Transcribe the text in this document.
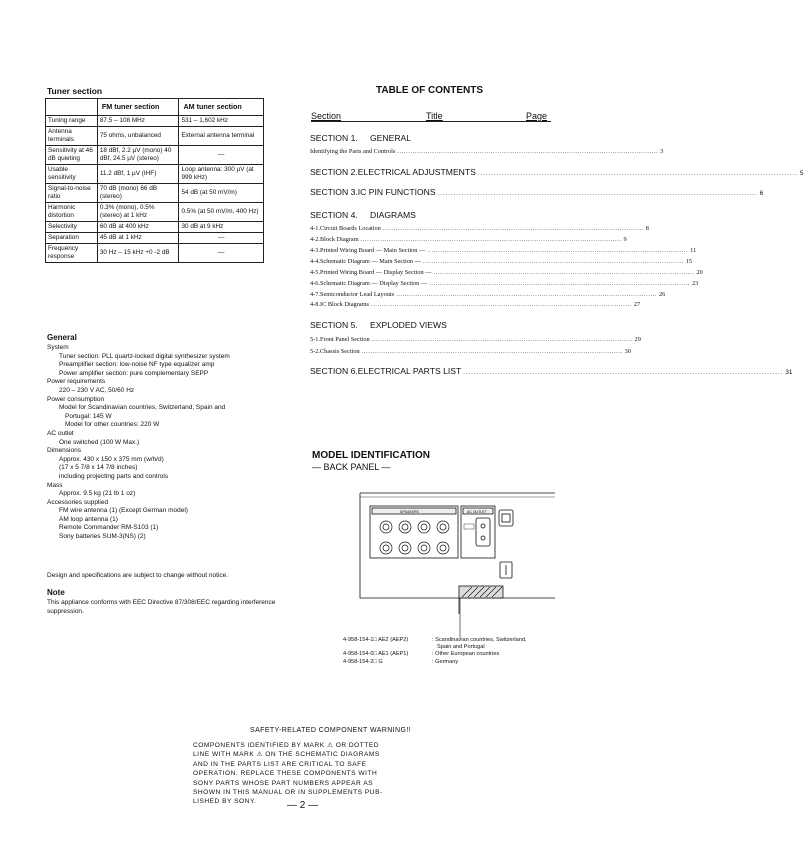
Tuner section
	FM tuner section	AM tuner section
Tuning range	87.5 – 108 MHz	531 – 1,602 kHz
Antenna terminals	75 ohms, unbalanced	External antenna terminal
Sensitivity at 46 dB quieting	18 dBf, 2.2 µV (mono) 40 dBf, 24.5 µV (stereo)	—
Usable sensitivity	11.2 dBf, 1 µV (IHF)	Loop antenna: 300 µV (at 999 kHz)
Signal-to-noise ratio	70 dB (mono) 66 dB (stereo)	54 dB (at 50 mV/m)
Harmonic distortion	0.3% (mono), 0.5% (stereo) at 1 kHz	0.5% (at 50 mV/m, 400 Hz)
Selectivity	60 dB at 400 kHz	30 dB at 9 kHz
Separation	45 dB at 1 kHz	—
Frequency response	30 Hz – 15 kHz +0 -2 dB	—
General
System
Tuner section: PLL quartz-locked digital synthesizer system
Preamplifier section: low-noise NF type equalizer amp
Power amplifier section: pure complementary SEPP
Power requirements
220 – 230 V AC, 50/60 Hz
Power consumption
Model for Scandinavian countries, Switzerland, Spain and
Portugal: 145 W
Model for other countries: 220 W
AC outlet
One switched (100 W Max.)
Dimensions
Approx. 430 x 150 x 375 mm (w/h/d)
(17 x 5 7/8 x 14 7/8 inches)
including projecting parts and controls
Mass
Approx. 9.5 kg (21 lb 1 oz)
Accessories supplied
FM wire antenna (1) (Except German model)
AM loop antenna (1)
Remote Commander RM-S103 (1)
Sony batteries SUM-3(NS) (2)
Design and specifications are subject to change without notice.
Note
This appliance conforms with EEC Directive 87/308/EEC regarding interference suppression.
TABLE OF CONTENTS
Section	Title	Page
SECTION 1.	GENERAL
Identifying the Parts and Controls ........................................................................................................................ 3
SECTION 2. ELECTRICAL ADJUSTMENTS ........................................................................................................................ 5
SECTION 3. IC PIN FUNCTIONS ........................................................................................................................ 6
SECTION 4.	DIAGRAMS
4-1. Circuit Boards Location ........................................................................................................................ 8
4-2. Block Diagram ........................................................................................................................ 9
4-3. Printed Wiring Board — Main Section — ........................................................................................................................ 11
4-4. Schematic Diagram — Main Section — ........................................................................................................................ 15
4-5. Printed Wiring Board — Display Section — ........................................................................................................................ 20
4-6. Schematic Diagram — Display Section — ........................................................................................................................ 23
4-7. Semiconductor Lead Layouts ........................................................................................................................ 26
4-8. IC Block Diagrams ........................................................................................................................ 27
SECTION 5.	EXPLODED VIEWS
5-1. Front Panel Section ........................................................................................................................ 29
5-2. Chassis Section ........................................................................................................................ 30
SECTION 6. ELECTRICAL PARTS LIST ........................................................................................................................ 31
MODEL IDENTIFICATION
— BACK PANEL —
SPEAKERS	AC OUTLET
4-958-154-1□ AE2 (AEP2)	: Scandinavian countries, Switzerland,
Spain and Portugal
4-958-154-0□ AE1 (AEP1)	: Other European countries
4-958-154-2□ G	: Germany
SAFETY-RELATED COMPONENT WARNING!!
COMPONENTS IDENTIFIED BY MARK ⚠ OR DOTTED
LINE WITH MARK ⚠ ON THE SCHEMATIC DIAGRAMS
AND IN THE PARTS LIST ARE CRITICAL TO SAFE
OPERATION. REPLACE THESE COMPONENTS WITH
SONY PARTS WHOSE PART NUMBERS APPEAR AS
SHOWN IN THIS MANUAL OR IN SUPPLEMENTS PUB-
LISHED BY SONY.	— 2 —
